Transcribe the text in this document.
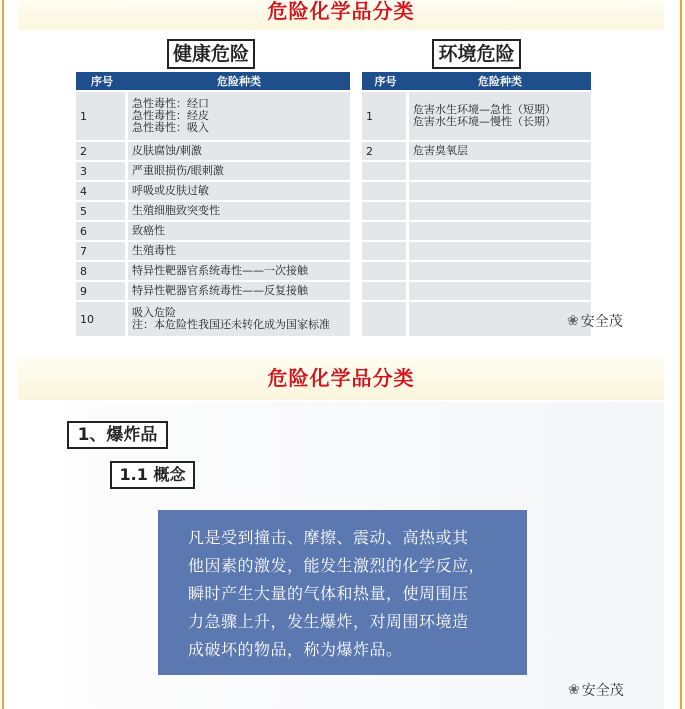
危险化学品分类
健康危险	环境危险
序号	危险种类
1	急性毒性：经口
急性毒性：经皮
急性毒性：吸入

2	皮肤腐蚀/刺激

3	严重眼损伤/眼刺激

4	呼吸或皮肤过敏

5	生殖细胞致突变性

6	致癌性

7	生殖毒性

8	特异性靶器官系统毒性——一次接触

9	特异性靶器官系统毒性——反复接触

10	吸入危险
注：本危险性我国还未转化成为国家标准
序号	危险种类
1	危害水生环境—急性（短期）
危害水生环境—慢性（长期）

2	危害臭氧层

❀ 安全茂
危险化学品分类
1、爆炸品
1.1 概念
凡是受到撞击、摩擦、震动、高热或其
他因素的激发，能发生激烈的化学反应，
瞬时产生大量的气体和热量，使周围压
力急骤上升，发生爆炸，对周围环境造
成破坏的物品，称为爆炸品。
❀ 安全茂
